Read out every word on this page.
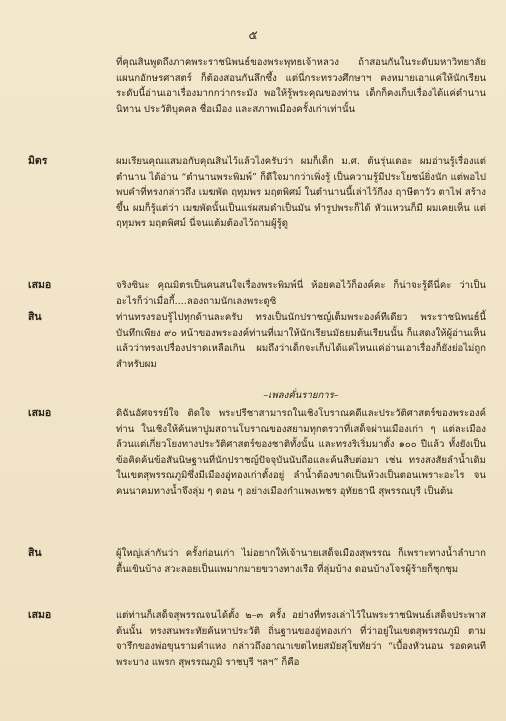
๕
ที่คุณสินพูดถึงภาคพระราชนิพนธ์ของพระพุทธเจ้าหลวง ถ้าสอนกันในระดับมหาวิทยาลัย แผนกอักษรศาสตร์ ก็ต้องสอนกันลึกซึ้ง แต่นี่กระทรวงศึกษาฯ คงหมายเอาแค่ให้นักเรียนระดับนี้อ่านเอาเรื่องมากกว่ากระมัง พอให้รู้พระคุณของท่าน เด็กก็คงเก็บเรื่องได้แค่ตำนาน นิทาน ประวัติบุคคล ชื่อเมือง และสภาพเมืองครั้งเก่าเท่านั้น
มิตร	ผมเรียนคุณแสมอกับคุณสินไว้แล้วไงครับว่า ผมก็เด็ก ม.ศ. ต้นรุ่นเดอะ ผมอ่านรู้เรื่องแต่ตำนาน ได้อ่าน “ตำนานพระพิมพ์” ก็ดีใจมากว่าเพิ่งรู้ เป็นความรู้มีประโยชน์ยิ่งนัก แต่พอไปพบคำที่ทรงกล่าวถึง เมฆพัด ฤทุมพร มฤตพิศม์ ในตำนานนี้เล่าไว้กีงง ฤาษีตาวัว ตาไฟ สร้างขึ้น ผมก็รู้แต่ว่า เมฆพัดนั้นเป็นแร่ผสมดำเป็นมัน ทำรูปพระก็ได้ หัวแหวนก็มี ผมเคยเห็น แต่ฤทุมพร มฤตพิศม์ นี่จนแต้มต้องไว้ถามผู้รู้ดู
เสมอ	จริงซินะ คุณมิตรเป็นคนสนใจเรื่องพระพิมพ์นี่ ห้อยคอไว้ก็องค์คะ ก็น่าจะรู้ดีนี่คะ ว่าเป็นอะไรก็ว่าเมื่อกี้....ลองถามนักเลงพระดูซิ
สิน	ท่านทรงรอบรู้ไปทุกด้านละครับ ทรงเป็นนักปราชญ์เต็มพระองค์ทีเดียว พระราชนิพนธ์นี้บันทึกเพียง ๙๐ หน้าของพระองค์ท่านที่เมาให้นักเรียนมัธยมต้นเรียนนั้น ก็แสดงให้ผู้อ่านเห็นแล้วว่าทรงเปรื่องปราดเหลือเกิน ผมถึงว่าเด็กจะเก็บได้แค่ไหนแค่อ่านเอาเรื่องก็ยังย่อไม่ถูกสำหรับผม
–เพลงคั่นรายการ–
เสมอ	ดิฉันอัศจรรย์ใจ ติดใจ พระปรีชาสามารถในเชิงโบราณคดีและประวัติศาสตร์ของพระองค์ท่าน ในเชิงให้ค้นหาปูมสถานโบราณของสยามทุกตรวาที่เสด็จผ่านเมืองเก่า ๆ แต่ละเมือง ล้วนแต่เกี่ยวโยงทางประวัติศาสตร์ของชาติทั้งนั้น และทรงริเริ่มมาตั้ง ๑๐๐ ปีแล้ว ทั้งยังเป็นข้อคิดค้นข้อสันนิษฐานที่นักปราชญ์ปัจจุบันนับถือและค้นสืบต่อมา เช่น ทรงสงสัยลำน้ำเดิมในเขตสุพรรณภูมิซึ่งมีเมืองอู่ทองเก่าตั้งอยู่ ลำน้ำต้องขาดเป็นห้วงเป็นตอนเพราะอะไร จนคนนาคมทางน้ำจึงลุ่ม ๆ ดอน ๆ อย่างเมืองกำแพงเพชร อุทัยธานี สุพรรณบุรี เป็นต้น
สิน	ผู้ใหญ่เล่ากันว่า ครั้งก่อนเก่า ไม่อยากให้เจ้านายเสด็จเมืองสุพรรณ ก็เพราะทางน้ำลำบาก ตื้นเขินบ้าง สวะลอยเป็นแพมากมายขวางทางเรือ ที่ลุ่มบ้าง ดอนบ้างโจรผู้ร้ายก็ชุกชุม
เสมอ	แต่ท่านก็เสด็จสุพรรณจนได้ตั้ง ๒–๓ ครั้ง อย่างที่ทรงเล่าไว้ในพระราชนิพนธ์เสด็จประพาสต้นนั้น ทรงสนพระทัยค้นหาประวัติ ถิ่นฐานของอู่ทองเก่า ที่ว่าอยู่ในเขตสุพรรณภูมิ ตามจารึกของพ่อขุนรามคำแหง กล่าวถึงอาณาเขตไทยสมัยสุโขทัยว่า “เบื้องหัวนอน รอดคนทีพระบาง แพรก สุพรรณภูมิ ราชบุรี ฯลฯ” ก็คือ
